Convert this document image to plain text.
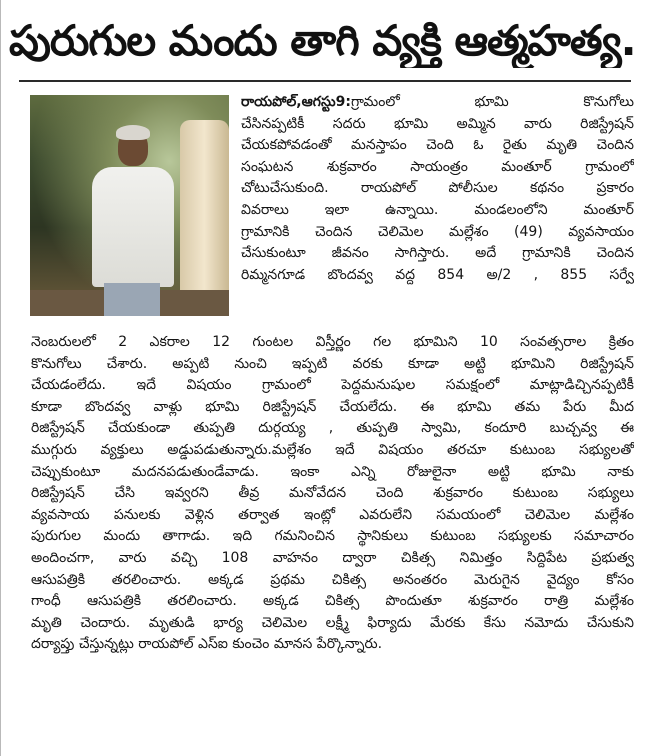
పురుగుల మందు తాగి వ్యక్తి ఆత్మహత్య.
రాయపోల్,ఆగస్టు9:గ్రామంలో భూమి కొనుగోలు
చేసినప్పటికీ సదరు భూమి అమ్మిన వారు రిజిస్ట్రేషన్
చేయకపోవడంతో మనస్తాపం చెంది ఓ రైతు మృతి చెందిన
సంఘటన శుక్రవారం సాయంత్రం మంతూర్ గ్రామంలో
చోటుచేసుకుంది. రాయపోల్ పోలీసుల కథనం ప్రకారం
వివరాలు ఇలా ఉన్నాయి. మండలంలోని మంతూర్
గ్రామానికి చెందిన చెలిమెల మల్లేశం (49) వ్యవసాయం
చేసుకుంటూ జీవనం సాగిస్తారు. అదే గ్రామానికి చెందిన
రిమ్మనగూడ బొందవ్వ వద్ద 854 అ/2 , 855 సర్వే
నెంబరులలో 2 ఎకరాల 12 గుంటల విస్తీర్ణం గల భూమిని 10 సంవత్సరాల క్రితం
కొనుగోలు చేశారు. అప్పటి నుంచి ఇప్పటి వరకు కూడా అట్టి భూమిని రిజిస్ట్రేషన్
చేయడంలేదు. ఇదే విషయం గ్రామంలో పెద్దమనుషుల సమక్షంలో మాట్లాడిచ్చినప్పటికీ
కూడా బొందవ్వ వాళ్లు భూమి రిజిస్ట్రేషన్ చేయలేదు. ఈ భూమి తమ పేరు మీద
రిజిస్ట్రేషన్ చేయకుండా తుప్పతి దుర్గయ్య , తుప్పతి స్వామి, కందూరి బుచ్చవ్వ ఈ
ముగ్గురు వ్యక్తులు అడ్డుపడుతున్నారు.మల్లేశం ఇదే విషయం తరచూ కుటుంబ సభ్యులతో
చెప్పుకుంటూ మదనపడుతుండేవాడు. ఇంకా ఎన్ని రోజులైనా అట్టి భూమి నాకు
రిజిస్ట్రేషన్ చేసి ఇవ్వరని తీవ్ర మనోవేదన చెంది శుక్రవారం కుటుంబ సభ్యులు
వ్యవసాయ పనులకు వెళ్లిన తర్వాత ఇంట్లో ఎవరులేని సమయంలో చెలిమెల మల్లేశం
పురుగుల మందు తాగాడు. ఇది గమనించిన స్థానికులు కుటుంబ సభ్యులకు సమాచారం
అందించగా, వారు వచ్చి 108 వాహనం ద్వారా చికిత్స నిమిత్తం సిద్దిపేట ప్రభుత్వ
ఆసుపత్రికి తరలించారు. అక్కడ ప్రథమ చికిత్స అనంతరం మెరుగైన వైద్యం కోసం
గాంధీ ఆసుపత్రికి తరలించారు. అక్కడ చికిత్స పొందుతూ శుక్రవారం రాత్రి మల్లేశం
మృతి చెందారు. మృతుడి భార్య చెలిమెల లక్ష్మీ ఫిర్యాదు మేరకు కేసు నమోదు చేసుకుని
దర్యాప్తు చేస్తున్నట్లు రాయపోల్ ఎస్ఐ కుంచెం మానస పేర్కొన్నారు.
